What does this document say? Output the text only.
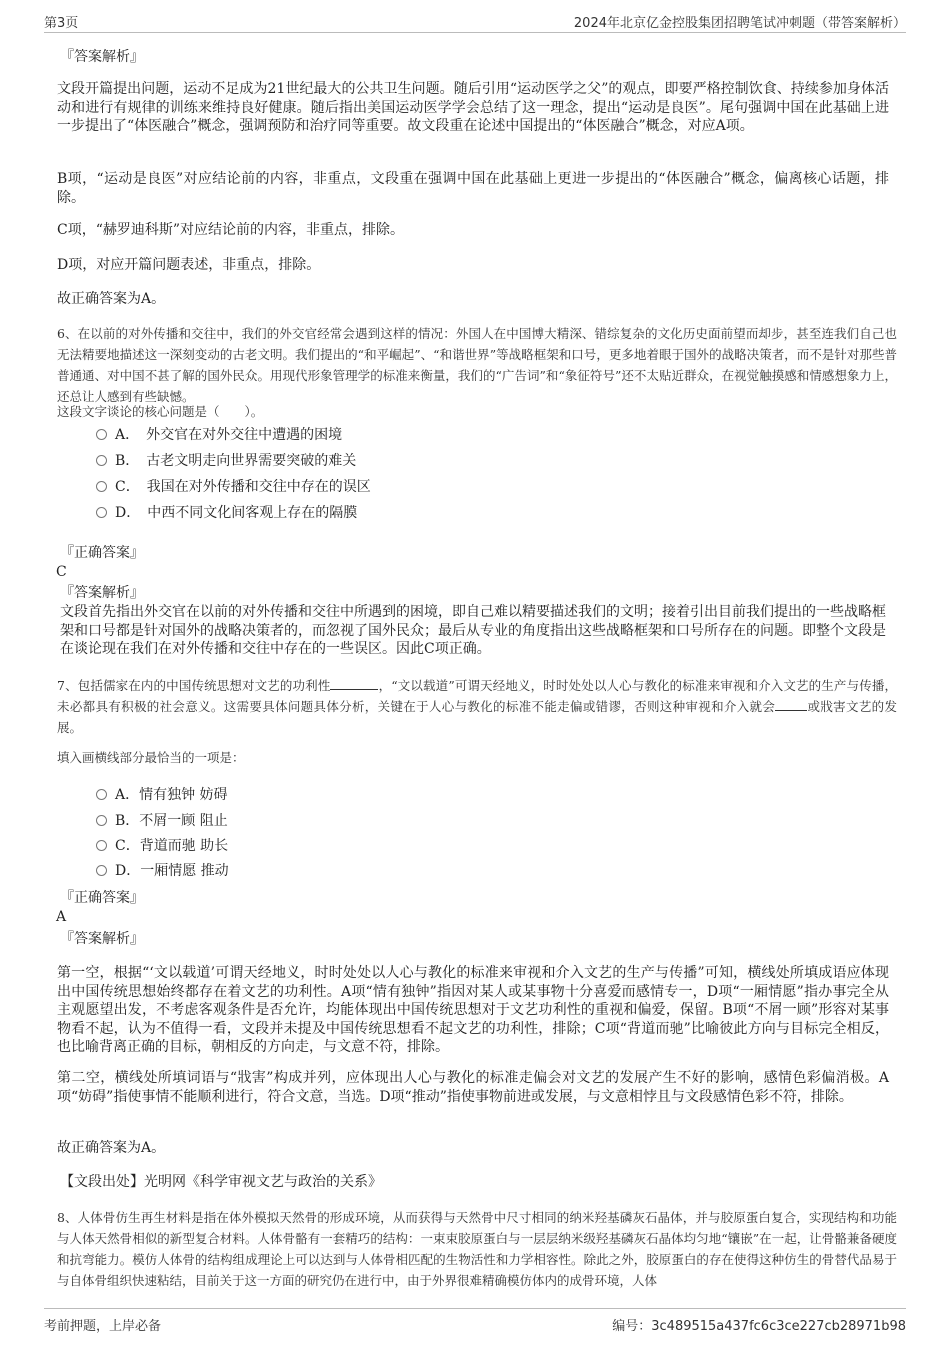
第3页	2024年北京亿金控股集团招聘笔试冲刺题（带答案解析）
『答案解析』

文段开篇提出问题，运动不足成为21世纪最大的公共卫生问题。随后引用“运动医学之父”的观点，即要严格控制饮食、持续参加身体活动和进行有规律的训练来维持良好健康。随后指出美国运动医学学会总结了这一理念，提出“运动是良医”。尾句强调中国在此基础上进一步提出了“体医融合”概念，强调预防和治疗同等重要。故文段重在论述中国提出的“体医融合”概念，对应A项。

B项，“运动是良医”对应结论前的内容，非重点，文段重在强调中国在此基础上更进一步提出的“体医融合”概念，偏离核心话题，排除。

C项，“赫罗迪科斯”对应结论前的内容，非重点，排除。

D项，对应开篇问题表述，非重点，排除。

故正确答案为A。

6、在以前的对外传播和交往中，我们的外交官经常会遇到这样的情况：外国人在中国博大精深、错综复杂的文化历史面前望而却步，甚至连我们自己也无法精要地描述这一深刻变动的古老文明。我们提出的“和平崛起”、“和谐世界”等战略框架和口号，更多地着眼于国外的战略决策者，而不是针对那些普普通通、对中国不甚了解的国外民众。用现代形象管理学的标准来衡量，我们的“广告词”和“象征符号”还不太贴近群众，在视觉触摸感和情感想象力上，还总让人感到有些缺憾。

这段文字谈论的核心问题是（　　）。

A．　外交官在对外交往中遭遇的困境
B．　古老文明走向世界需要突破的难关
C．　我国在对外传播和交往中存在的误区
D．　中西不同文化间客观上存在的隔膜
『正确答案』
C
『答案解析』

文段首先指出外交官在以前的对外传播和交往中所遇到的困境，即自己难以精要描述我们的文明；接着引出目前我们提出的一些战略框架和口号都是针对国外的战略决策者的，而忽视了国外民众；最后从专业的角度指出这些战略框架和口号所存在的问题。即整个文段是在谈论现在我们在对外传播和交往中存在的一些误区。因此C项正确。

7、包括儒家在内的中国传统思想对文艺的功利性	，“文以载道”可谓天经地义，时时处处以人心与教化的标准来审视和介入文艺的生产与传播，未必都具有积极的社会意义。这需要具体问题具体分析，关键在于人心与教化的标准不能走偏或错谬，否则这种审视和介入就会	或戕害文艺的发展。

填入画横线部分最恰当的一项是：

A．情有独钟 妨碍
B．不屑一顾 阻止
C．背道而驰 助长
D．一厢情愿 推动
『正确答案』
A
『答案解析』

第一空，根据“‘文以载道’可谓天经地义，时时处处以人心与教化的标准来审视和介入文艺的生产与传播”可知，横线处所填成语应体现出中国传统思想始终都存在着文艺的功利性。A项“情有独钟”指因对某人或某事物十分喜爱而感情专一，D项“一厢情愿”指办事完全从主观愿望出发，不考虑客观条件是否允许，均能体现出中国传统思想对于文艺功利性的重视和偏爱，保留。B项“不屑一顾”形容对某事物看不起，认为不值得一看，文段并未提及中国传统思想看不起文艺的功利性，排除；C项“背道而驰”比喻彼此方向与目标完全相反，也比喻背离正确的目标，朝相反的方向走，与文意不符，排除。

第二空，横线处所填词语与“戕害”构成并列，应体现出人心与教化的标准走偏会对文艺的发展产生不好的影响，感情色彩偏消极。A项“妨碍”指使事情不能顺利进行，符合文意，当选。D项“推动”指使事物前进或发展，与文意相悖且与文段感情色彩不符，排除。

故正确答案为A。

【文段出处】光明网《科学审视文艺与政治的关系》

8、人体骨仿生再生材料是指在体外模拟天然骨的形成环境，从而获得与天然骨中尺寸相同的纳米羟基磷灰石晶体，并与胶原蛋白复合，实现结构和功能与人体天然骨相似的新型复合材料。人体骨骼有一套精巧的结构：一束束胶原蛋白与一层层纳米级羟基磷灰石晶体均匀地“镶嵌”在一起，让骨骼兼备硬度和抗弯能力。模仿人体骨的结构组成理论上可以达到与人体骨相匹配的生物活性和力学相容性。除此之外，胶原蛋白的存在使得这种仿生的骨替代品易于与自体骨组织快速粘结，目前关于这一方面的研究仍在进行中，由于外界很难精确模仿体内的成骨环境，人体

考前押题，上岸必备	编号：3c489515a437fc6c3ce227cb28971b98
